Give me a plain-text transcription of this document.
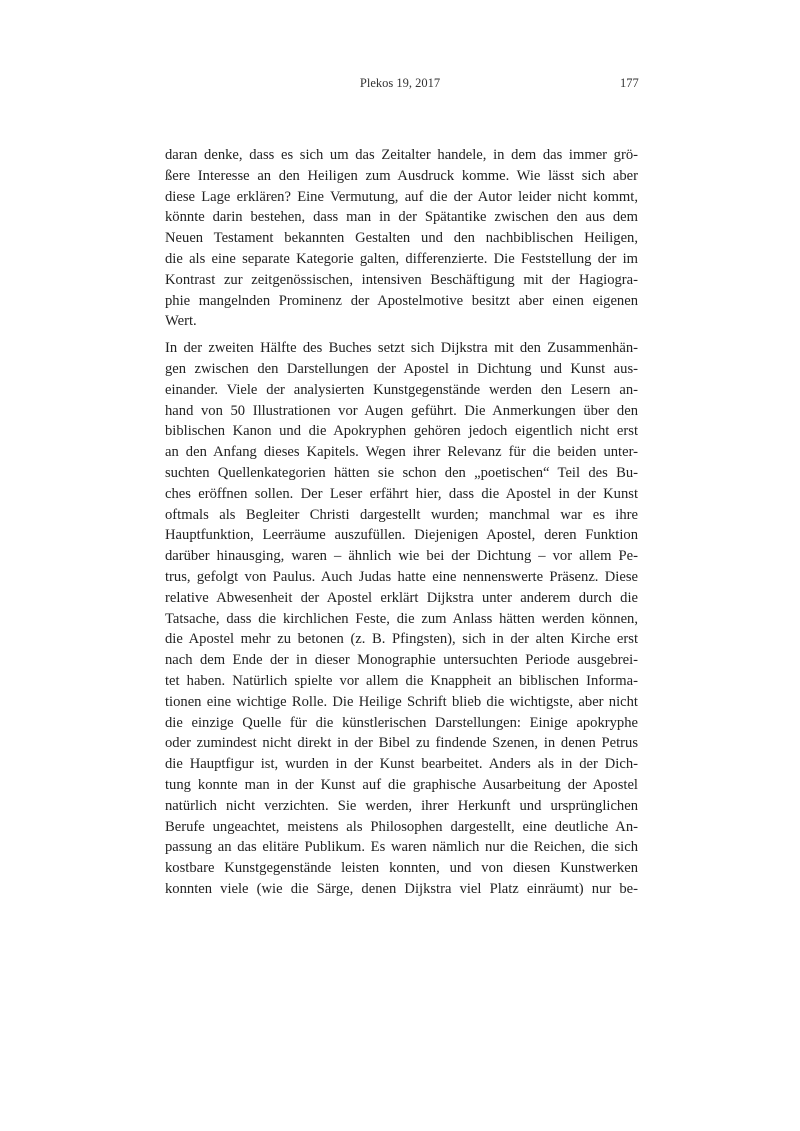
Plekos 19, 2017	177
daran denke, dass es sich um das Zeitalter handele, in dem das immer grö-
ßere Interesse an den Heiligen zum Ausdruck komme. Wie lässt sich aber
diese Lage erklären? Eine Vermutung, auf die der Autor leider nicht kommt,
könnte darin bestehen, dass man in der Spätantike zwischen den aus dem
Neuen Testament bekannten Gestalten und den nachbiblischen Heiligen,
die als eine separate Kategorie galten, differenzierte. Die Feststellung der im
Kontrast zur zeitgenössischen, intensiven Beschäftigung mit der Hagiogra-
phie mangelnden Prominenz der Apostelmotive besitzt aber einen eigenen
Wert.
In der zweiten Hälfte des Buches setzt sich Dijkstra mit den Zusammenhän-
gen zwischen den Darstellungen der Apostel in Dichtung und Kunst aus-
einander. Viele der analysierten Kunstgegenstände werden den Lesern an-
hand von 50 Illustrationen vor Augen geführt. Die Anmerkungen über den
biblischen Kanon und die Apokryphen gehören jedoch eigentlich nicht erst
an den Anfang dieses Kapitels. Wegen ihrer Relevanz für die beiden unter-
suchten Quellenkategorien hätten sie schon den „poetischen“ Teil des Bu-
ches eröffnen sollen. Der Leser erfährt hier, dass die Apostel in der Kunst
oftmals als Begleiter Christi dargestellt wurden; manchmal war es ihre
Hauptfunktion, Leerräume auszufüllen. Diejenigen Apostel, deren Funktion
darüber hinausging, waren – ähnlich wie bei der Dichtung – vor allem Pe-
trus, gefolgt von Paulus. Auch Judas hatte eine nennenswerte Präsenz. Diese
relative Abwesenheit der Apostel erklärt Dijkstra unter anderem durch die
Tatsache, dass die kirchlichen Feste, die zum Anlass hätten werden können,
die Apostel mehr zu betonen (z. B. Pfingsten), sich in der alten Kirche erst
nach dem Ende der in dieser Monographie untersuchten Periode ausgebrei-
tet haben. Natürlich spielte vor allem die Knappheit an biblischen Informa-
tionen eine wichtige Rolle. Die Heilige Schrift blieb die wichtigste, aber nicht
die einzige Quelle für die künstlerischen Darstellungen: Einige apokryphe
oder zumindest nicht direkt in der Bibel zu findende Szenen, in denen Petrus
die Hauptfigur ist, wurden in der Kunst bearbeitet. Anders als in der Dich-
tung konnte man in der Kunst auf die graphische Ausarbeitung der Apostel
natürlich nicht verzichten. Sie werden, ihrer Herkunft und ursprünglichen
Berufe ungeachtet, meistens als Philosophen dargestellt, eine deutliche An-
passung an das elitäre Publikum. Es waren nämlich nur die Reichen, die sich
kostbare Kunstgegenstände leisten konnten, und von diesen Kunstwerken
konnten viele (wie die Särge, denen Dijkstra viel Platz einräumt) nur be-
